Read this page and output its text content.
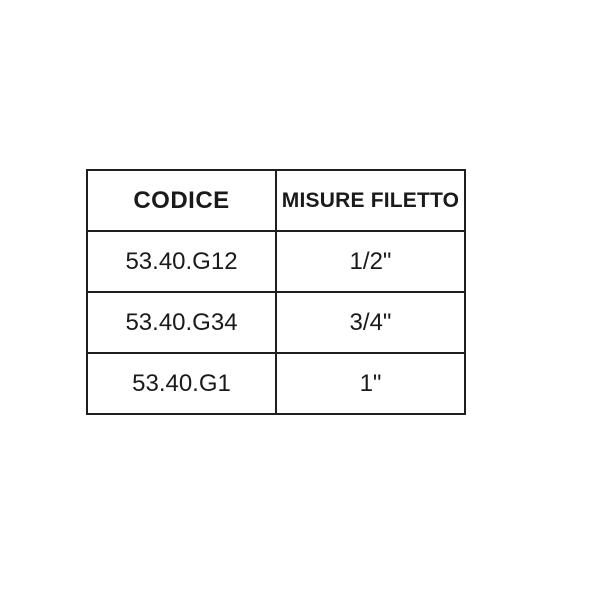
CODICE	MISURE FILETTO
53.40.G12	1/2"
53.40.G34	3/4"
53.40.G1	1"
